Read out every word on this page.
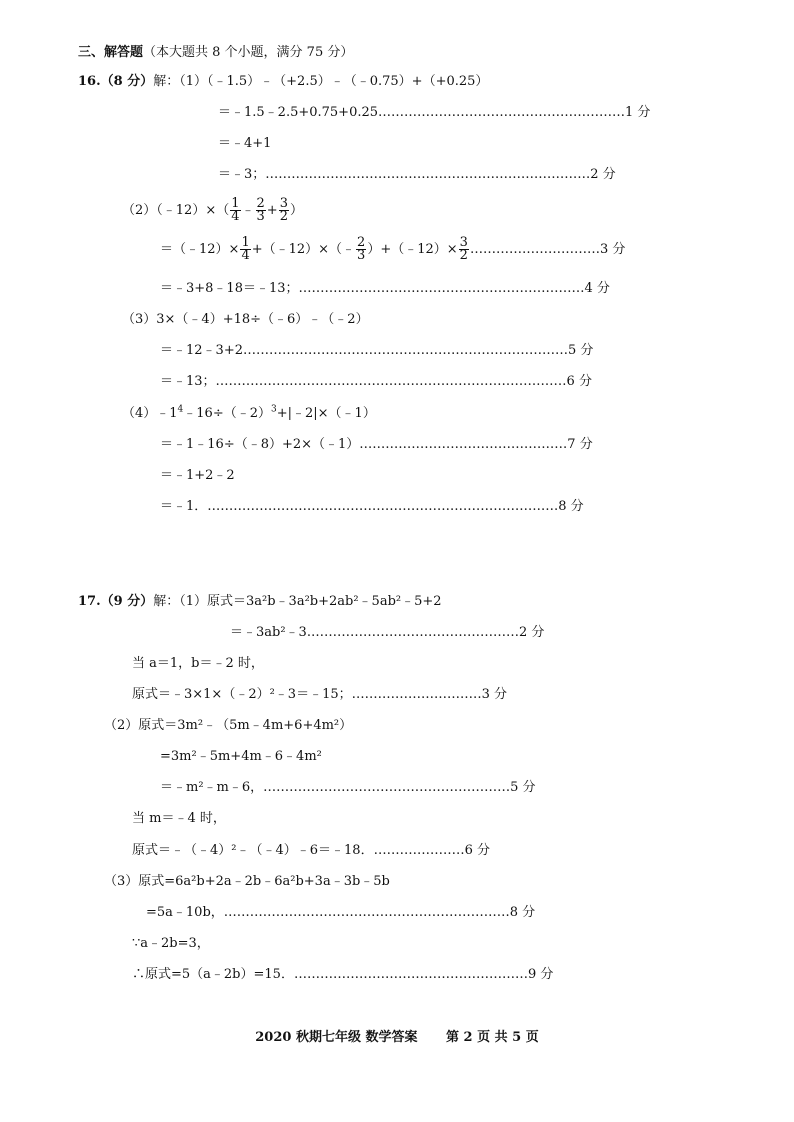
三、解答题（本大题共 8 个小题，满分 75 分）
16.（8 分）解：（1）（﹣1.5）﹣（+2.5）﹣（﹣0.75）+（+0.25）
＝﹣1.5﹣2.5+0.75+0.25…………………………………………………1 分
＝﹣4+1
＝﹣3；…………………………………………………………………2 分
（2）（﹣12）×（ $\frac{1}{4}$ ﹣ $\frac{2}{3} + \frac{3}{2}$ ）
＝（﹣12）× $\frac{1}{4}$ +（﹣12）×（﹣ $\frac{2}{3}$ ）+（﹣12）× $\frac{3}{2}$ …………………………3 分
＝﹣3+8﹣18＝﹣13；…………………………………………………………4 分
（3）3×（﹣4）+18÷（﹣6）﹣（﹣2）
＝﹣12﹣3+2…………………………………………………………………5 分
＝﹣13；………………………………………………………………………6 分
$(4)﹣1^4﹣16\div(﹣2)^3+|﹣2|\times(﹣1)$
＝﹣1﹣16÷（﹣8）+2×（﹣1）…………………………………………7 分
＝﹣1+2﹣2
＝﹣1．………………………………………………………………………8 分
17.（9 分）解：（1）原式＝3a²b﹣3a²b+2ab²﹣5ab²﹣5+2
＝﹣3ab²﹣3.…………………………………………2 分
当 a＝1，b＝﹣2 时，
原式＝﹣3×1×（﹣2）²﹣3＝﹣15；…………………………3 分
（2）原式＝3m²﹣（5m﹣4m+6+4m²）
=3m²﹣5m+4m﹣6﹣4m²
＝﹣m²﹣m﹣6，…………………………………………………5 分
当 m＝﹣4 时，
原式＝﹣（﹣4）²﹣（﹣4）﹣6＝﹣18．…………………6 分
（3）原式=6a²b+2a﹣2b﹣6a²b+3a﹣3b﹣5b
=5a﹣10b，…………………………………………………………8 分
∵a﹣2b=3，
∴原式=5（a﹣2b）=15．………………………………………………9 分
2020 秋期七年级 数学答案 第 2 页 共 5 页
